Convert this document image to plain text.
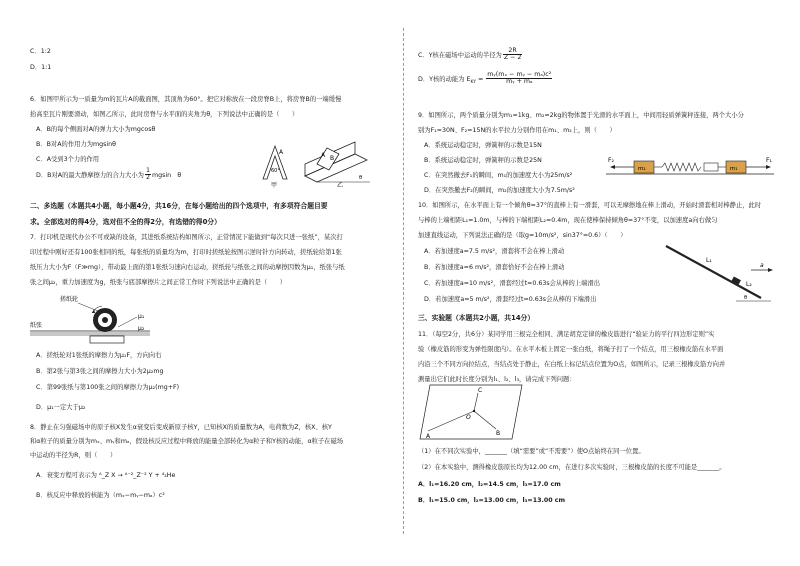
C．1:2
D．1:1
6．如图甲所示为一质量为m的瓦片A的截面图，其顶角为60°。把它对称放在一段房脊B上，将房脊B的一端缓慢
抬高至瓦片刚要滑动，如图乙所示，此时房脊与水平面的夹角为θ，下列说法中正确的是（　　）
A．B的每个侧面对A的弹力大小为mgcosθ
B．B对A的作用力为mgsinθ
C．A受到3个力的作用
D．B对A的最大静摩擦力的合力大小为 $\frac{1}{2}$ mgsin　θ
A
60°
甲
B
A
θ
乙
二、多选题（本题共4小题，每小题4分，共16分，在每小题给出的四个选项中，有多项符合题目要
求。全部选对的得4分，选对但不全的得2分，有选错的得0分）
7．打印机是现代办公不可或缺的设备，其进纸系统结构如图所示，正常情况下能做到“每次只进一张纸”，某次打
印过程中刚好还有100张相同的纸，每张纸的质量均为m，打印时搓纸轮按图示逆时针方向转动，搓纸轮给第1张
纸压力大小为F（F≫mg），带动最上面的第1张纸匀速向右运动，搓纸轮与纸张之间的动摩擦因数为μ₁，纸张与纸
张之间μ₂，重力加速度为g，纸张与底部摩擦片之间正常工作时下列说法中正确的是（　　）
搓纸轮
纸张
μ₁
μ₂
A．搓纸轮对1张纸的摩擦力为μ₁F，方向向右
B．第2张与第3张之间的摩擦力大小为2μ₂mg
C．第99张纸与第100张之间的摩擦力为μ₂(mg+F)
D．μ₁一定大于μ₂
8．静止在匀强磁场中的原子核X发生α衰变后变成新原子核Y，已知核X的质量数为A，电荷数为Z，核X、核Y
和α粒子的质量分别为mₓ、mᵧ和mₐ，假设核反应过程中释放的能量全部转化为α粒子和Y核的动能，α粒子在磁场
中运动的半径为R，则（　　）
A．衰变方程可表示为 ᴬ_Z X → ᴬ⁻²_Z⁻² Y + ⁴₂He
B．核反应中释放的核能为（mₓ−mᵧ−mₐ）c²
C．Y核在磁场中运动的半径为 $\frac{2R}{Z - 2}$
D．Y核的动能为 $E_{KY} = \frac{\text{mᵧ(mₓ − mᵧ − mₐ)c²}}{\text{mᵧ + mₐ}}$
9．如图所示，两个质量分别为m₁=1kg、m₂=2kg的物体置于光滑的水平面上，中间用轻质弹簧秤连接，两个大小分
别为F₁=30N、F₂=15N的水平拉力分别作用在m₁、m₂上，则（　　）
A．系统运动稳定时，弹簧秤的示数是15N
B．系统运动稳定时，弹簧秤的示数是25N
C．在突然撤去F₁的瞬间，m₁的加速度大小为25m/s²
D．在突然撤去F₂的瞬间，m₂的加速度大小为7.5m/s²
F₂
m₂	m₁
F₁
10．如图所示，在水平面上有一个倾角θ=37°的直棒上有一滑套，可以无摩擦地在棒上滑动，开始时滑套相对棒静止，此时
与棒的上端相距L₁=1.0m，与棒的下端相距L₂=0.4m，现在使棒保持倾角θ=37°不变，以加速度a向右做匀
加速直线运动，下列说法正确的是（取g=10m/s²，sin37°=0.6）（　　）
A．若加速度a=7.5 m/s²，滑套将不会在棒上滑动
B．若加速度a=6 m/s²，滑套恰好不会在棒上滑动
C．若加速度a=10 m/s²，滑套经过t=0.63s会从棒的上端滑出
D．若加速度a=5 m/s²，滑套经过t=0.63s会从棒的下端滑出
L₁
L₂
a
θ
三、实验题（本题共2小题，共14分）
11．（每空2分，共6分）某同学用三根完全相同、满足胡克定律的橡皮筋进行“验证力的平行四边形定则”实
验（橡皮筋的形变为弹性限度内）。在水平木板上固定一张白纸，将绳子打了一个结点，用三根橡皮筋在水平面
内沿三个不同方向拉结点，当结点处于静止，在白纸上标记结点位置为O点，如图所示，记录三根橡皮筋方向并
测量出它们此时长度分别为l₁、l₂、l₃，请完成下列问题：
A	B
C
O
（1）在不同次实验中，_______（填“需要”或“不需要”）使O点始终在同一位置。
（2）在本实验中，测得橡皮筋原长均为12.00 cm，在进行多次实验时，三根橡皮筋的长度不可能是_______。
A．l₁=16.20 cm，l₂=14.5 cm，l₃=17.0 cm
B．l₁=15.0 cm，l₂=13.00 cm，l₃=13.00 cm
